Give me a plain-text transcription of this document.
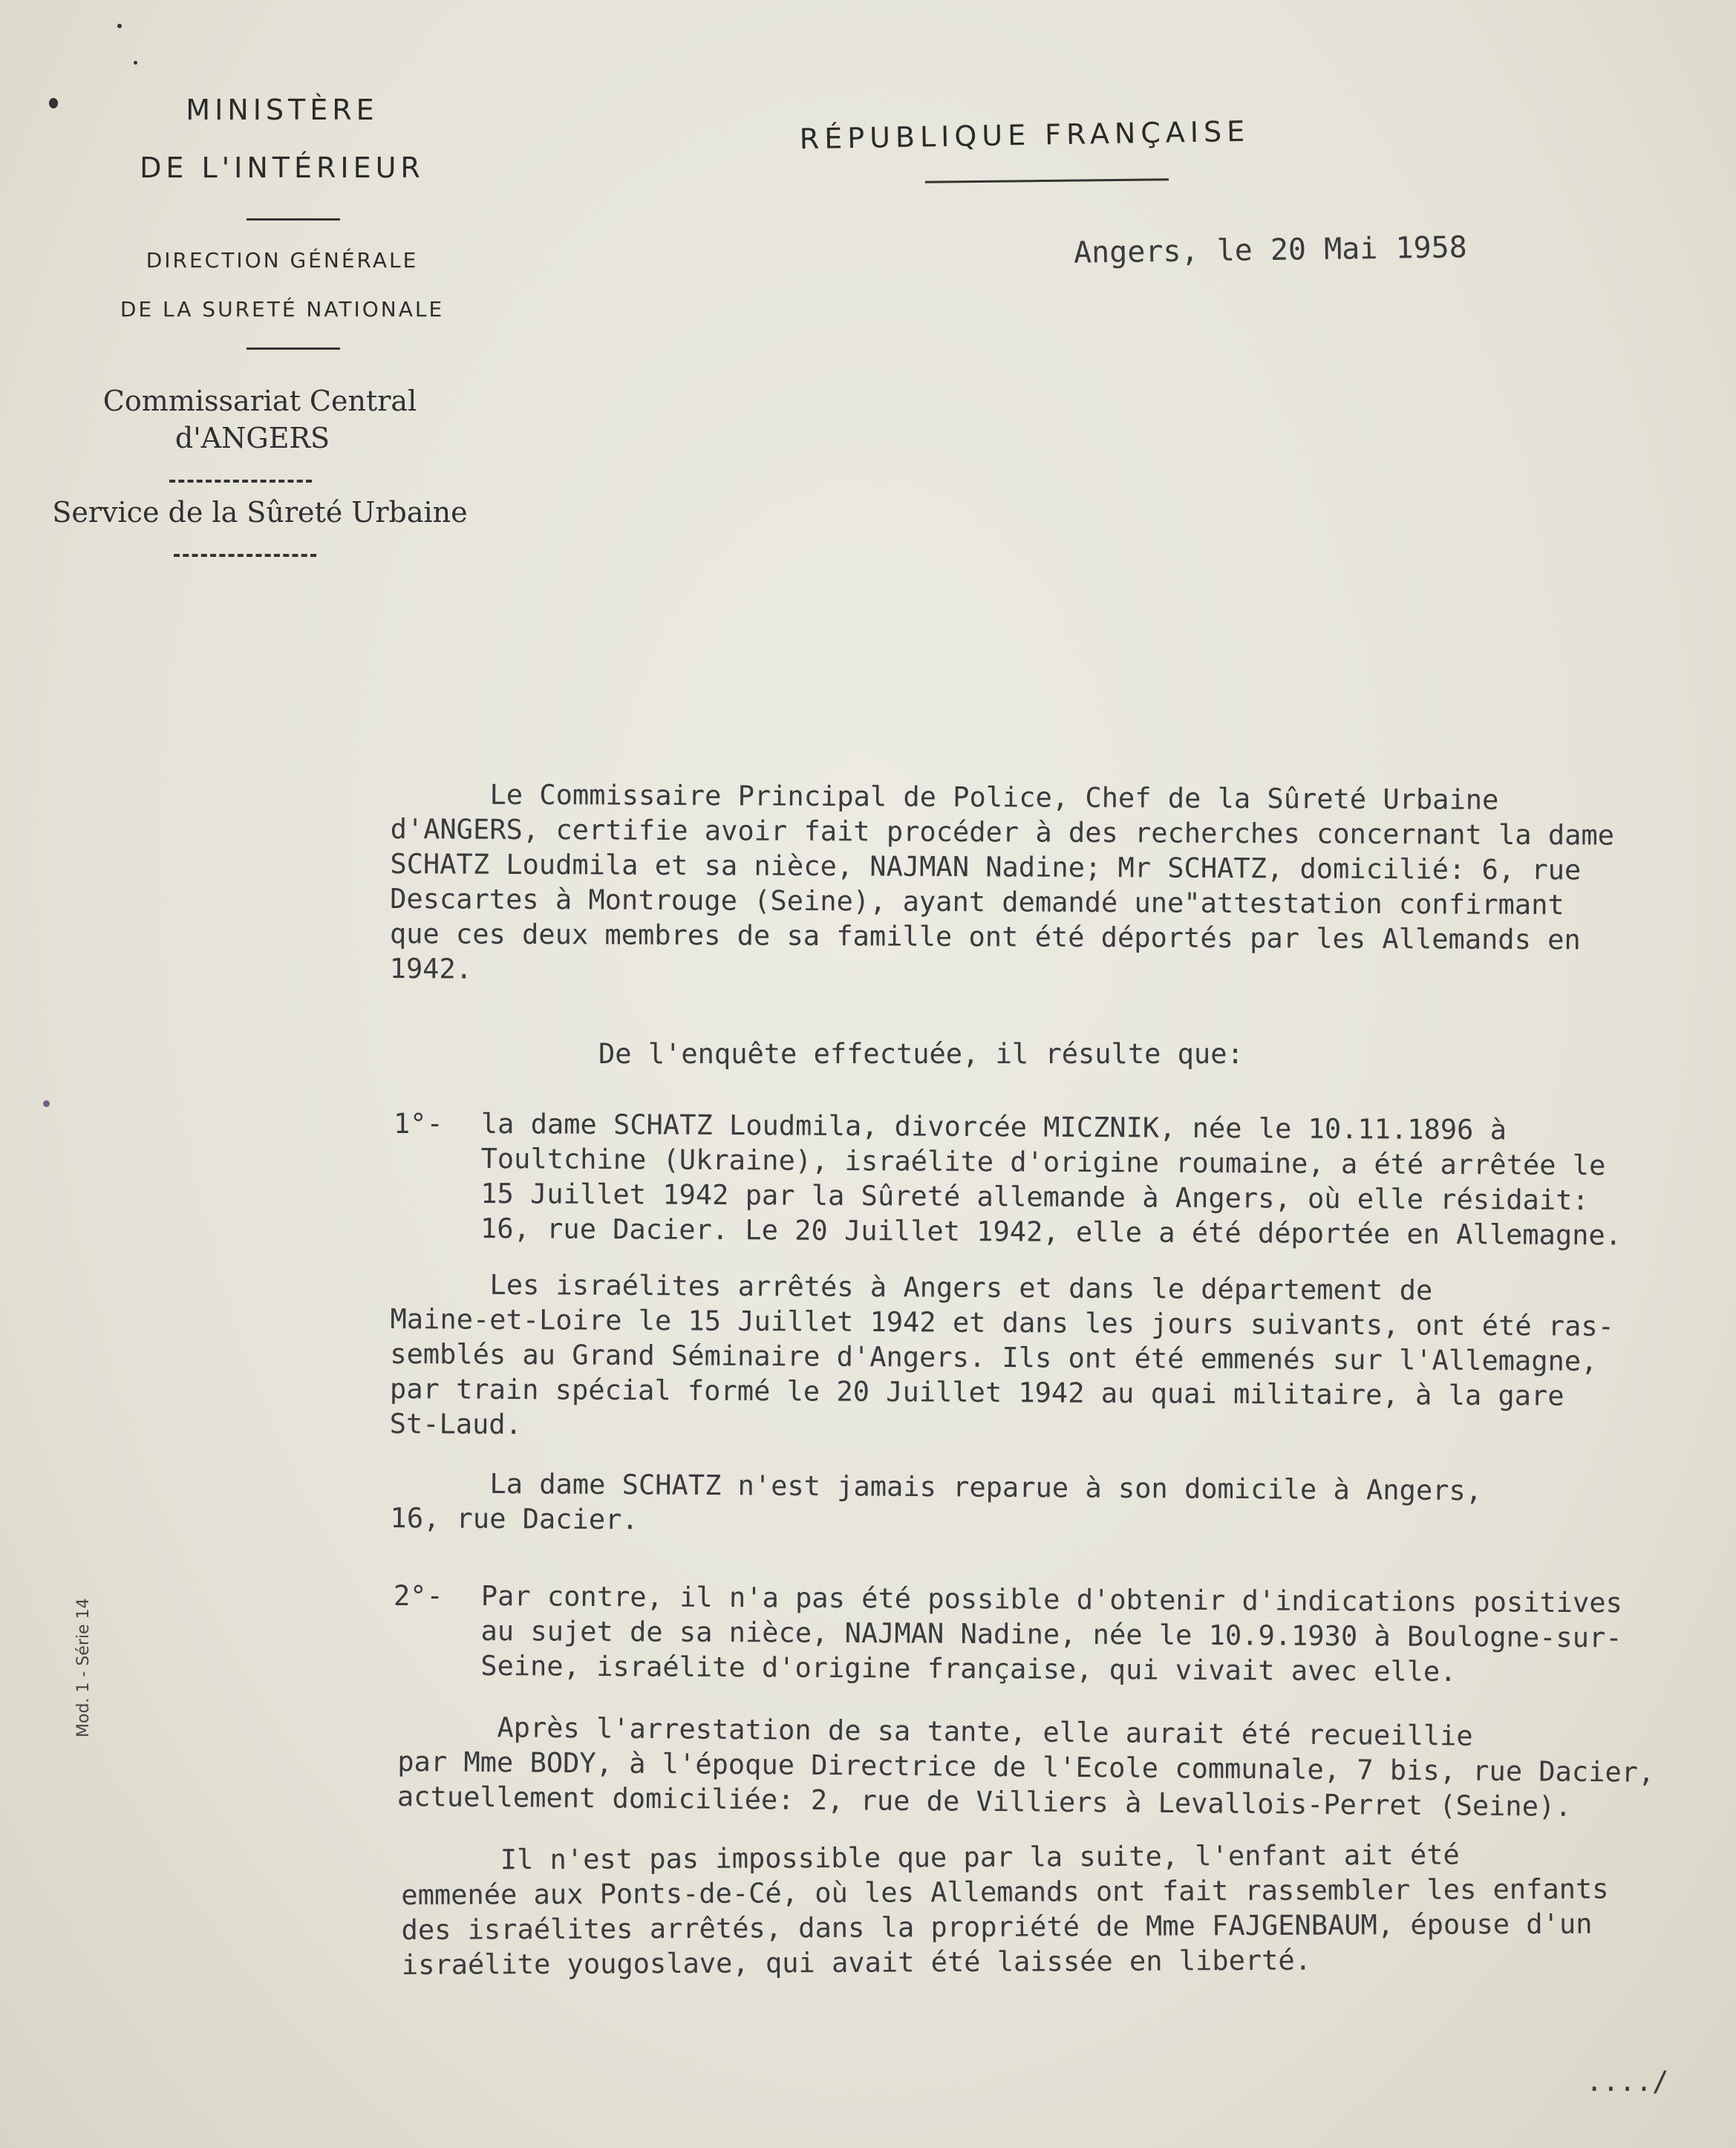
MINISTÈRE
DE L'INTÉRIEUR
DIRECTION GÉNÉRALE
DE LA SURETÉ NATIONALE
Commissariat Central
d'ANGERS
Service de la Sûreté Urbaine
RÉPUBLIQUE FRANÇAISE
Angers, le 20 Mai 1958
Le Commissaire Principal de Police, Chef de la Sûreté Urbaine
d'ANGERS, certifie avoir fait procéder à des recherches concernant la dame
SCHATZ Loudmila et sa nièce, NAJMAN Nadine; Mr SCHATZ, domicilié: 6, rue
Descartes à Montrouge (Seine), ayant demandé une"attestation confirmant
que ces deux membres de sa famille ont été déportés par les Allemands en
1942.
De l'enquête effectuée, il résulte que:
1°- la dame SCHATZ Loudmila, divorcée MICZNIK, née le 10.11.1896 à
Toultchine (Ukraine), israélite d'origine roumaine, a été arrêtée le
15 Juillet 1942 par la Sûreté allemande à Angers, où elle résidait:
16, rue Dacier. Le 20 Juillet 1942, elle a été déportée en Allemagne.
Les israélites arrêtés à Angers et dans le département de
Maine-et-Loire le 15 Juillet 1942 et dans les jours suivants, ont été ras-
semblés au Grand Séminaire d'Angers. Ils ont été emmenés sur l'Allemagne,
par train spécial formé le 20 Juillet 1942 au quai militaire, à la gare
St-Laud.
La dame SCHATZ n'est jamais reparue à son domicile à Angers,
16, rue Dacier.
2°- Par contre, il n'a pas été possible d'obtenir d'indications positives
au sujet de sa nièce, NAJMAN Nadine, née le 10.9.1930 à Boulogne-sur-
Seine, israélite d'origine française, qui vivait avec elle.
Après l'arrestation de sa tante, elle aurait été recueillie
par Mme BODY, à l'époque Directrice de l'Ecole communale, 7 bis, rue Dacier,
actuellement domiciliée: 2, rue de Villiers à Levallois-Perret (Seine).
Il n'est pas impossible que par la suite, l'enfant ait été
emmenée aux Ponts-de-Cé, où les Allemands ont fait rassembler les enfants
des israélites arrêtés, dans la propriété de Mme FAJGENBAUM, épouse d'un
israélite yougoslave, qui avait été laissée en liberté.
..../
Mod. 1 - Série 14
